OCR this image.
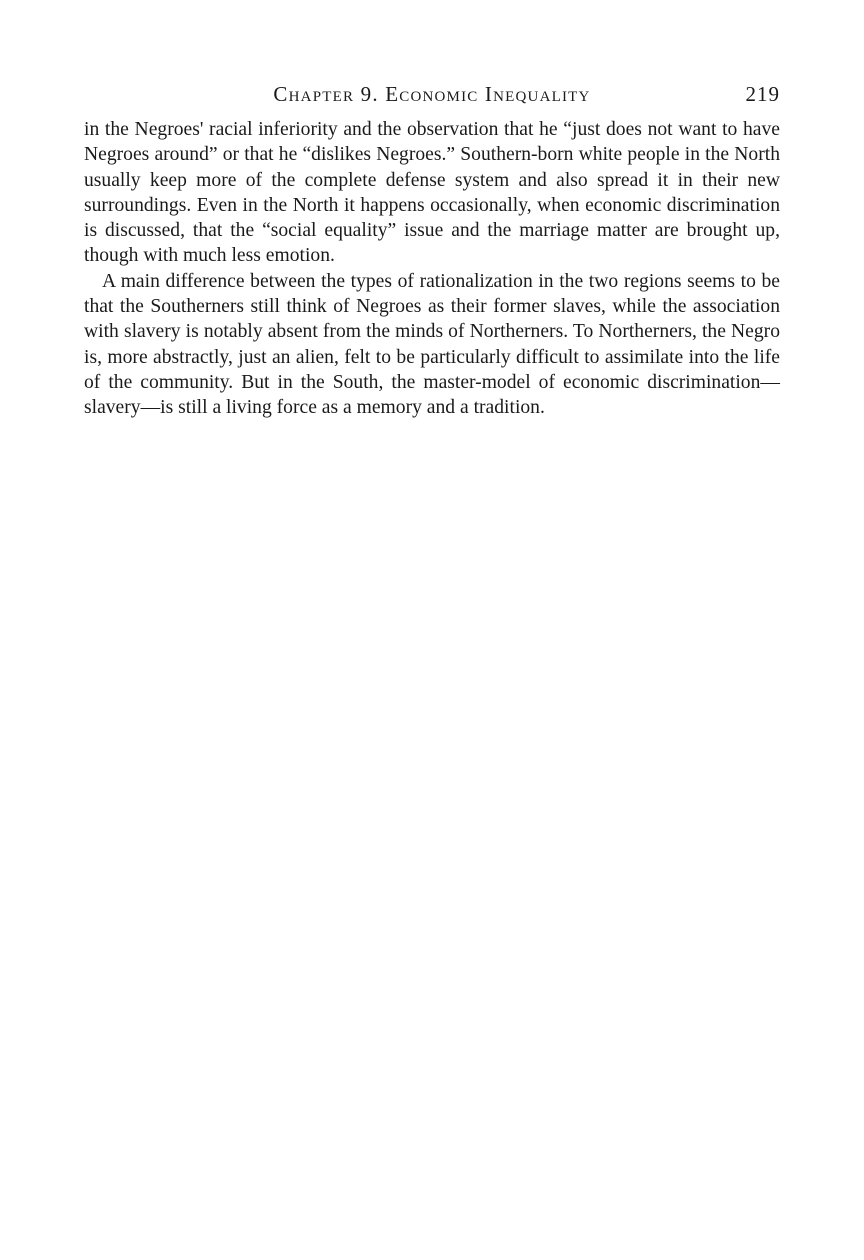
Chapter 9. Economic Inequality	219

in the Negroes' racial inferiority and the observation that he “just does not want to have Negroes around” or that he “dislikes Negroes.” Southern-born white people in the North usually keep more of the complete defense system and also spread it in their new surroundings. Even in the North it happens occasionally, when economic discrimination is discussed, that the “social equality” issue and the marriage matter are brought up, though with much less emotion.

A main difference between the types of rationalization in the two regions seems to be that the Southerners still think of Negroes as their former slaves, while the association with slavery is notably absent from the minds of Northerners. To Northerners, the Negro is, more abstractly, just an alien, felt to be particularly difficult to assimilate into the life of the community. But in the South, the master-model of economic discrimination—slavery—is still a living force as a memory and a tradition.
